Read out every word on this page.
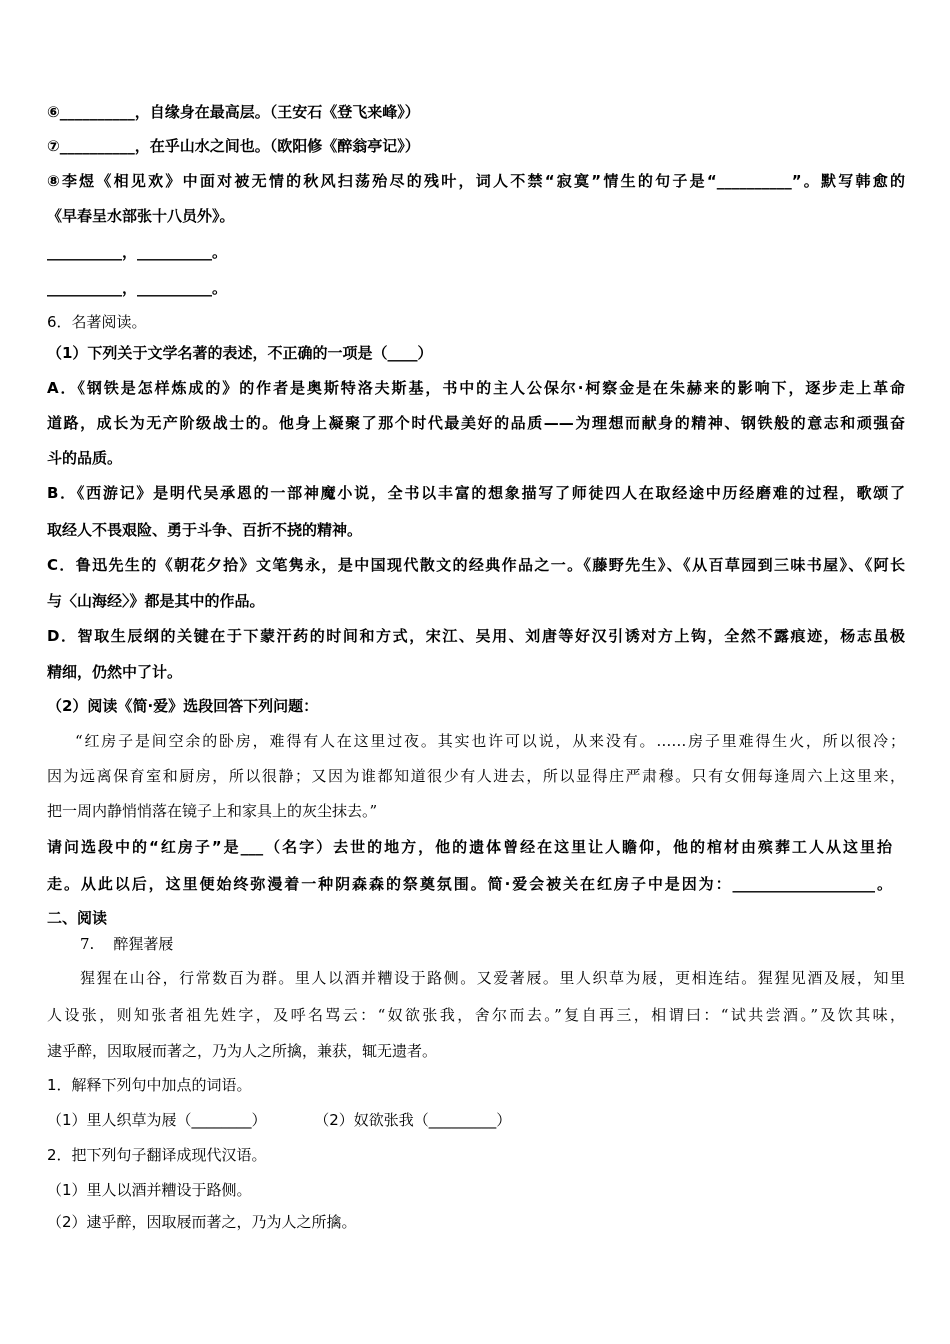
⑥__________，自缘身在最高层。（王安石《登飞来峰》）
⑦__________，在乎山水之间也。（欧阳修《醉翁亭记》）
⑧李煜《相见欢》中面对被无情的秋风扫荡殆尽的残叶，词人不禁“寂寞”情生的句子是“__________”。默写韩愈的
《早春呈水部张十八员外》。
__________，__________。
__________，__________。
6．名著阅读。
（1）下列关于文学名著的表述，不正确的一项是（____）
A．《钢铁是怎样炼成的》的作者是奥斯特洛夫斯基，书中的主人公保尔·柯察金是在朱赫来的影响下，逐步走上革命
道路，成长为无产阶级战士的。他身上凝聚了那个时代最美好的品质——为理想而献身的精神、钢铁般的意志和顽强奋
斗的品质。
B．《西游记》是明代吴承恩的一部神魔小说，全书以丰富的想象描写了师徒四人在取经途中历经磨难的过程，歌颂了
取经人不畏艰险、勇于斗争、百折不挠的精神。
C．鲁迅先生的《朝花夕拾》文笔隽永，是中国现代散文的经典作品之一。《藤野先生》、《从百草园到三味书屋》、《阿长
与〈山海经〉》都是其中的作品。
D．智取生辰纲的关键在于下蒙汗药的时间和方式，宋江、吴用、刘唐等好汉引诱对方上钩，全然不露痕迹，杨志虽极
精细，仍然中了计。
（2）阅读《简·爱》选段回答下列问题：
“红房子是间空余的卧房，难得有人在这里过夜。其实也许可以说，从来没有。……房子里难得生火，所以很冷；
因为远离保育室和厨房，所以很静；又因为谁都知道很少有人进去，所以显得庄严肃穆。只有女佣每逢周六上这里来，
把一周内静悄悄落在镜子上和家具上的灰尘抹去。”
请问选段中的“红房子”是___（名字）去世的地方，他的遗体曾经在这里让人瞻仰，他的棺材由殡葬工人从这里抬
走。从此以后，这里便始终弥漫着一种阴森森的祭奠氛围。简·爱会被关在红房子中是因为：___________________。
二、阅读
7.    醉猩著屐
猩猩在山谷，行常数百为群。里人以酒并糟设于路侧。又爱著屐。里人织草为屐，更相连结。猩猩见酒及屐，知里
人设张，则知张者祖先姓字，及呼名骂云：“奴欲张我，舍尔而去。”复自再三，相谓曰：“试共尝酒。”及饮其味，
逮乎醉，因取屐而著之，乃为人之所擒，兼获，辄无遗者。
1．解释下列句中加点的词语。
（1）里人织草为屐（________）          （2）奴欲张我（_________）
2．把下列句子翻译成现代汉语。
（1）里人以酒并糟设于路侧。
（2）逮乎醉，因取屐而著之，乃为人之所擒。
